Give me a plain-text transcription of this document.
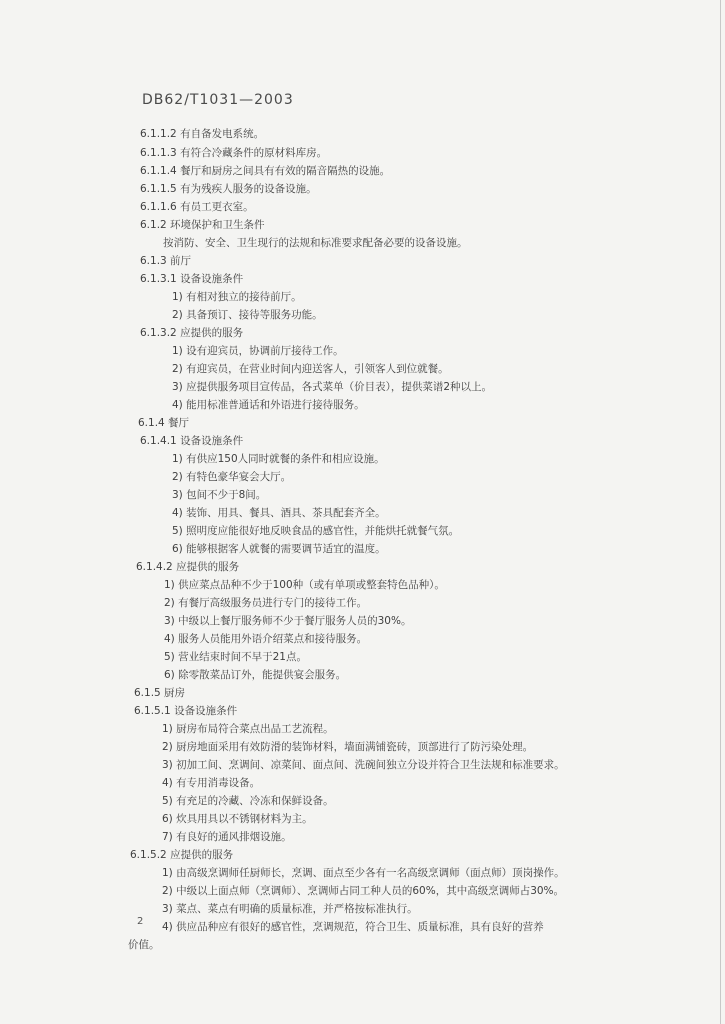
DB62/T1031—2003
6.1.1.2 有自备发电系统。
6.1.1.3 有符合冷藏条件的原材料库房。
6.1.1.4 餐厅和厨房之间具有有效的隔音隔热的设施。
6.1.1.5 有为残疾人服务的设备设施。
6.1.1.6 有员工更衣室。
6.1.2 环境保护和卫生条件
按消防、安全、卫生现行的法规和标准要求配备必要的设备设施。
6.1.3 前厅
6.1.3.1 设备设施条件
1) 有相对独立的接待前厅。
2) 具备预订、接待等服务功能。
6.1.3.2 应提供的服务
1) 设有迎宾员，协调前厅接待工作。
2) 有迎宾员，在营业时间内迎送客人，引领客人到位就餐。
3) 应提供服务项目宣传品，各式菜单（价目表），提供菜谱2种以上。
4) 能用标准普通话和外语进行接待服务。
6.1.4 餐厅
6.1.4.1 设备设施条件
1) 有供应150人同时就餐的条件和相应设施。
2) 有特色豪华宴会大厅。
3) 包间不少于8间。
4) 装饰、用具、餐具、酒具、茶具配套齐全。
5) 照明度应能很好地反映食品的感官性，并能烘托就餐气氛。
6) 能够根据客人就餐的需要调节适宜的温度。
6.1.4.2 应提供的服务
1) 供应菜点品种不少于100种（或有单项或整套特色品种）。
2) 有餐厅高级服务员进行专门的接待工作。
3) 中级以上餐厅服务师不少于餐厅服务人员的30%。
4) 服务人员能用外语介绍菜点和接待服务。
5) 营业结束时间不早于21点。
6) 除零散菜品订外，能提供宴会服务。
6.1.5 厨房
6.1.5.1 设备设施条件
1) 厨房布局符合菜点出品工艺流程。
2) 厨房地面采用有效防滑的装饰材料，墙面满铺瓷砖，顶部进行了防污染处理。
3) 初加工间、烹调间、凉菜间、面点间、洗碗间独立分设并符合卫生法规和标准要求。
4) 有专用消毒设备。
5) 有充足的冷藏、冷冻和保鲜设备。
6) 炊具用具以不锈钢材料为主。
7) 有良好的通风排烟设施。
6.1.5.2 应提供的服务
1) 由高级烹调师任厨师长，烹调、面点至少各有一名高级烹调师（面点师）顶岗操作。
2) 中级以上面点师（烹调师）、烹调师占同工种人员的60%，其中高级烹调师占30%。
3) 菜点、菜点有明确的质量标准，并严格按标准执行。
4) 供应品种应有很好的感官性，烹调规范，符合卫生、质量标准，具有良好的营养
价值。
2
